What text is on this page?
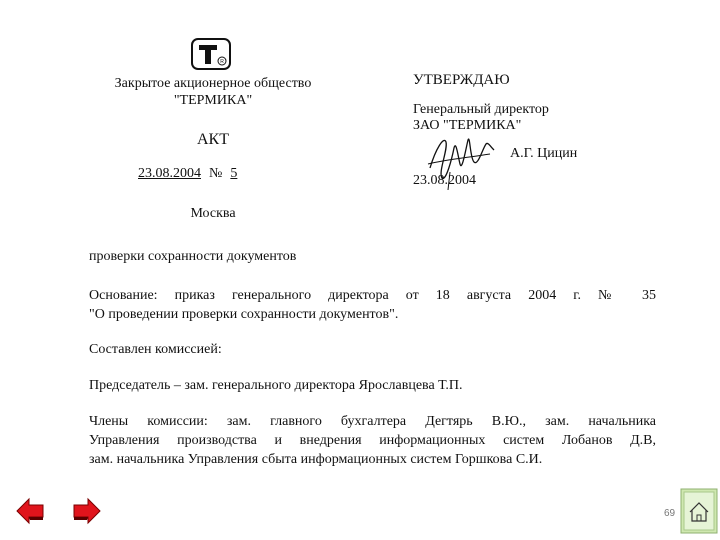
R
Закрытое акционерное общество
"ТЕРМИКА"
АКТ
23.08.2004 № 5
Москва
УТВЕРЖДАЮ
Генеральный директор
ЗАО "ТЕРМИКА"
А.Г. Цицин
23.08.2004
проверки сохранности документов
Основание: приказ генерального директора от 18 августа 2004 г. № 35
"О проведении проверки сохранности документов".
Составлен комиссией:
Председатель – зам. генерального директора Ярославцева Т.П.
Члены комиссии: зам. главного бухгалтера Дегтярь В.Ю., зам. начальника
Управления производства и внедрения информационных систем Лобанов Д.В,
зам. начальника Управления сбыта информационных систем Горшкова С.И.
69
